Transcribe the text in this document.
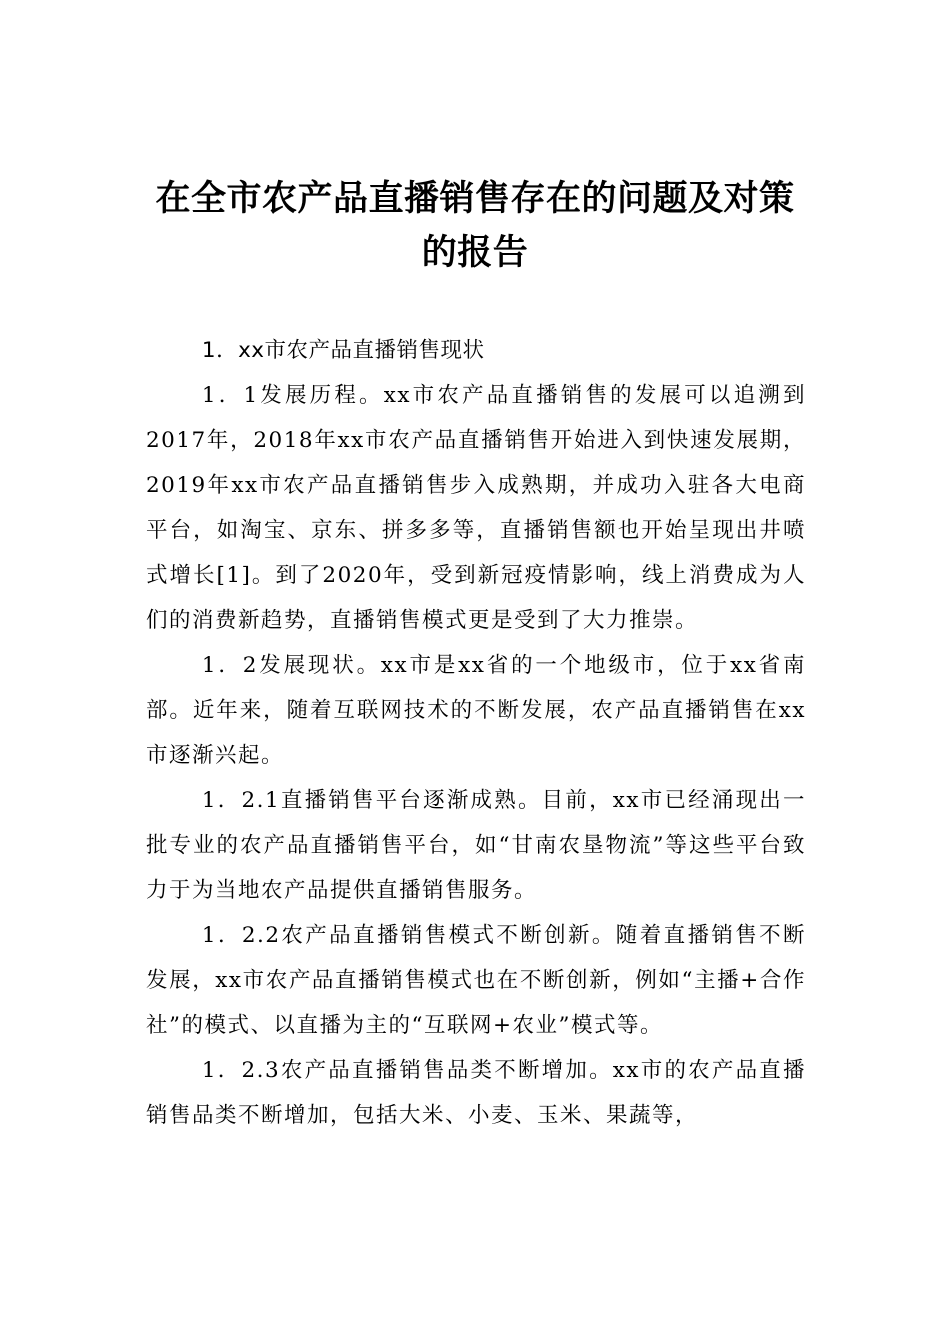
在全市农产品直播销售存在的问题及对策的报告

1．xx市农产品直播销售现状

1．1发展历程。xx市农产品直播销售的发展可以追溯到2017年，2018年xx市农产品直播销售开始进入到快速发展期，2019年xx市农产品直播销售步入成熟期，并成功入驻各大电商平台，如淘宝、京东、拼多多等，直播销售额也开始呈现出井喷式增长[1]。到了2020年，受到新冠疫情影响，线上消费成为人们的消费新趋势，直播销售模式更是受到了大力推崇。

1．2发展现状。xx市是xx省的一个地级市，位于xx省南部。近年来，随着互联网技术的不断发展，农产品直播销售在xx市逐渐兴起。

1．2.1直播销售平台逐渐成熟。目前，xx市已经涌现出一批专业的农产品直播销售平台，如“甘南农垦物流”等这些平台致力于为当地农产品提供直播销售服务。

1．2.2农产品直播销售模式不断创新。随着直播销售不断发展，xx市农产品直播销售模式也在不断创新，例如“主播+合作社”的模式、以直播为主的“互联网+农业”模式等。

1．2.3农产品直播销售品类不断增加。xx市的农产品直播销售品类不断增加，包括大米、小麦、玉米、果蔬等，
